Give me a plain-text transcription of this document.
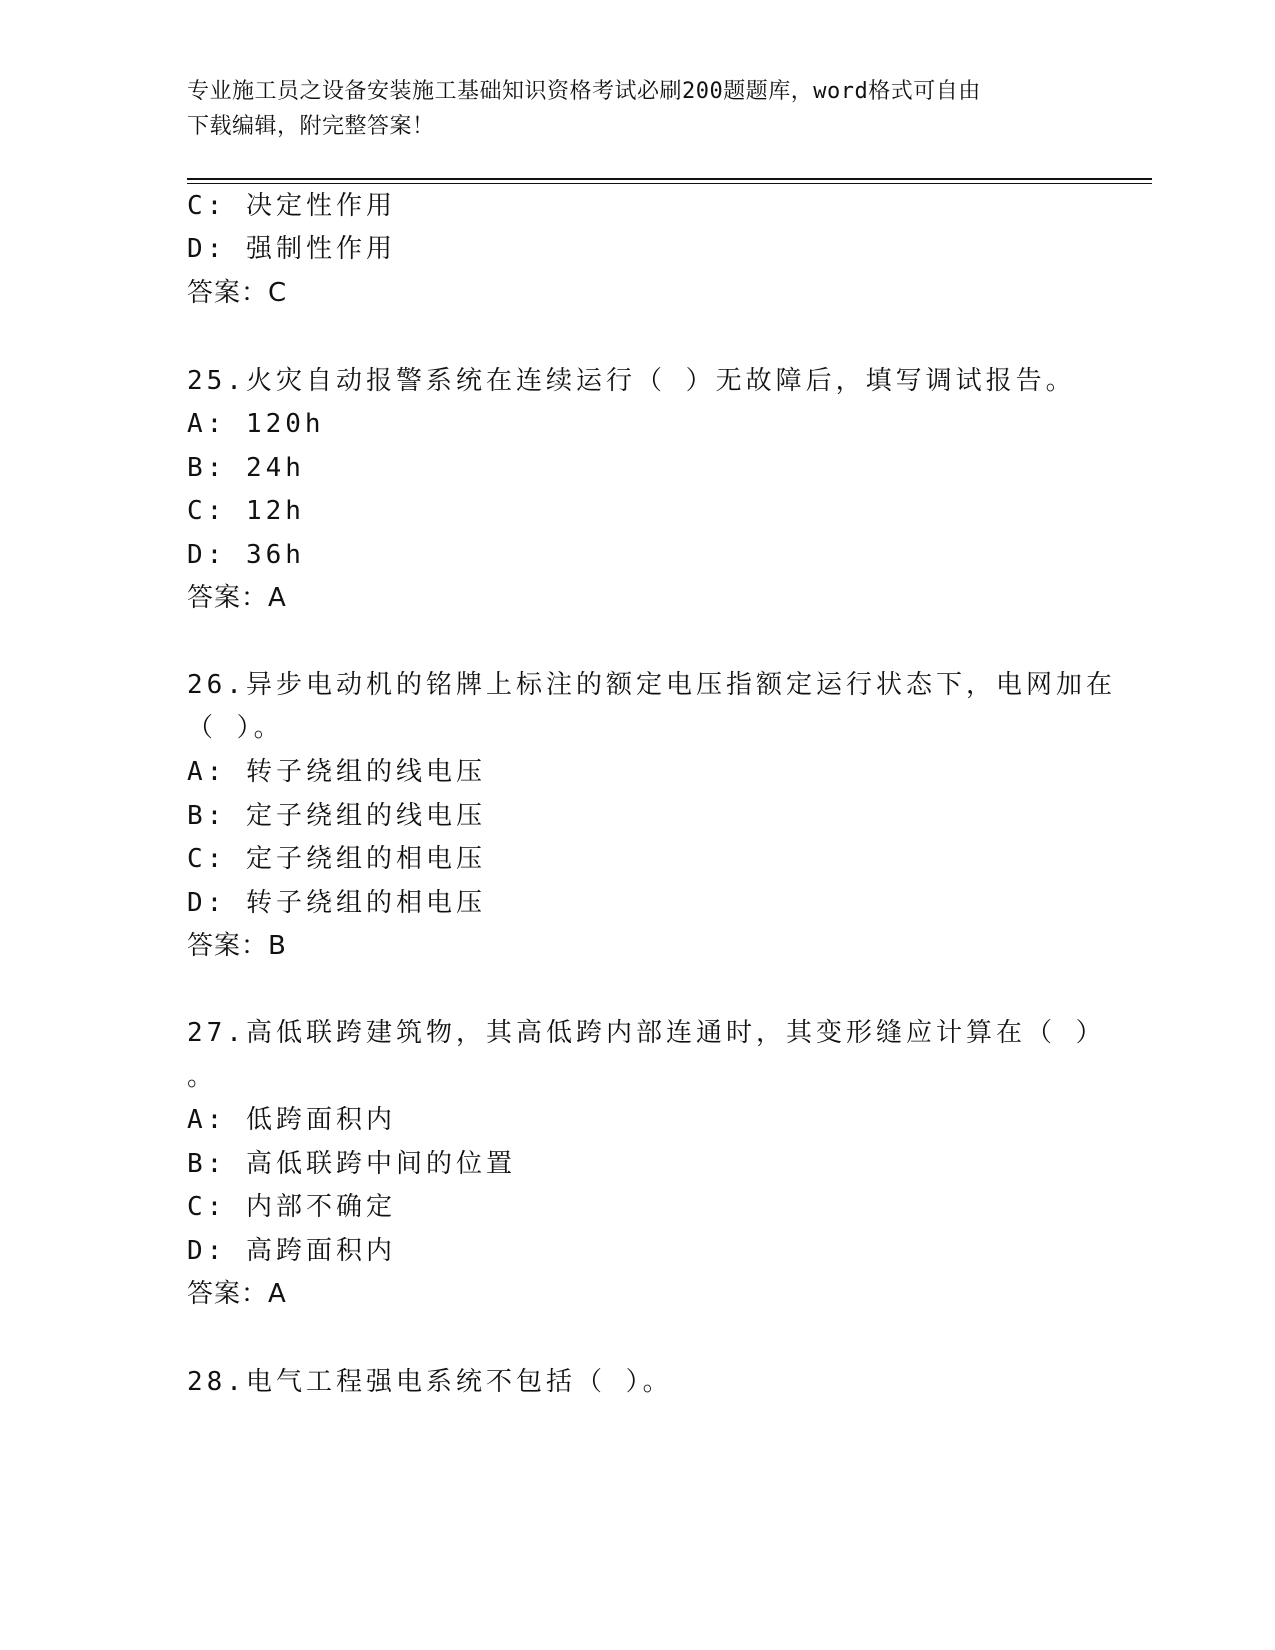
专业施工员之设备安装施工基础知识资格考试必刷200题题库，word格式可自由
下载编辑，附完整答案！
C: 决定性作用
D: 强制性作用
答案：C
25.火灾自动报警系统在连续运行（ ）无故障后，填写调试报告。
A: 120h
B: 24h
C: 12h
D: 36h
答案：A
26.异步电动机的铭牌上标注的额定电压指额定运行状态下，电网加在
（ ）。
A: 转子绕组的线电压
B: 定子绕组的线电压
C: 定子绕组的相电压
D: 转子绕组的相电压
答案：B
27.高低联跨建筑物，其高低跨内部连通时，其变形缝应计算在（ ）
。
A: 低跨面积内
B: 高低联跨中间的位置
C: 内部不确定
D: 高跨面积内
答案：A
28.电气工程强电系统不包括（ ）。
